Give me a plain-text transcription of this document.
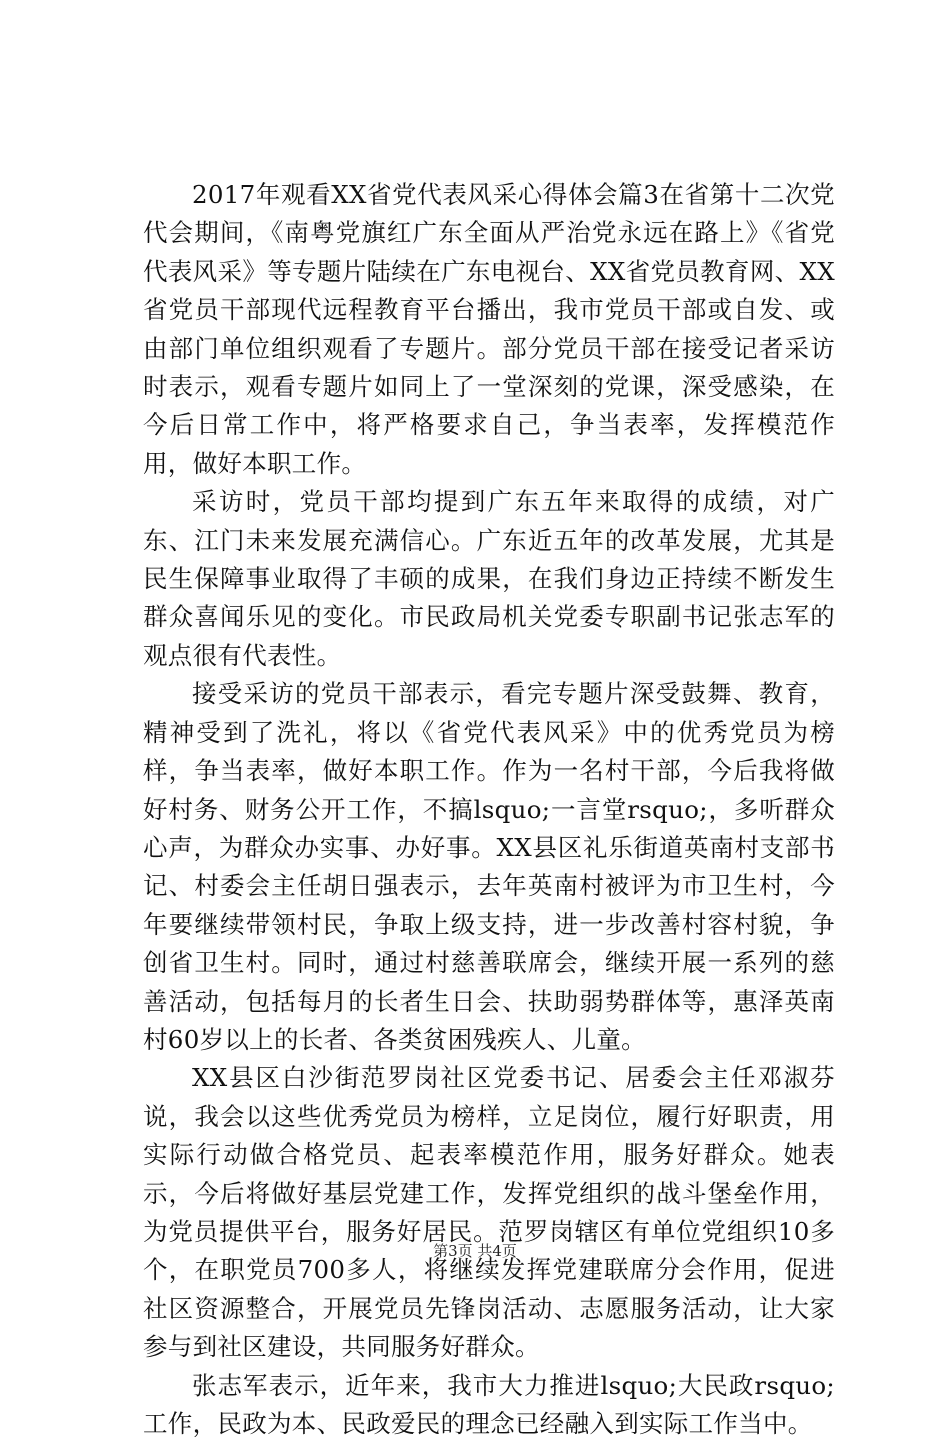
2017年观看XX省党代表风采心得体会篇3在省第十二次党代会期间，《南粤党旗红广东全面从严治党永远在路上》《省党代表风采》等专题片陆续在广东电视台、XX省党员教育网、XX省党员干部现代远程教育平台播出，我市党员干部或自发、或由部门单位组织观看了专题片。部分党员干部在接受记者采访时表示，观看专题片如同上了一堂深刻的党课，深受感染，在今后日常工作中，将严格要求自己，争当表率，发挥模范作用，做好本职工作。

采访时，党员干部均提到广东五年来取得的成绩，对广东、江门未来发展充满信心。广东近五年的改革发展，尤其是民生保障事业取得了丰硕的成果，在我们身边正持续不断发生群众喜闻乐见的变化。市民政局机关党委专职副书记张志军的观点很有代表性。

接受采访的党员干部表示，看完专题片深受鼓舞、教育，精神受到了洗礼，将以《省党代表风采》中的优秀党员为榜样，争当表率，做好本职工作。作为一名村干部，今后我将做好村务、财务公开工作，不搞lsquo;一言堂rsquo;，多听群众心声，为群众办实事、办好事。XX县区礼乐街道英南村支部书记、村委会主任胡日强表示，去年英南村被评为市卫生村，今年要继续带领村民，争取上级支持，进一步改善村容村貌，争创省卫生村。同时，通过村慈善联席会，继续开展一系列的慈善活动，包括每月的长者生日会、扶助弱势群体等，惠泽英南村60岁以上的长者、各类贫困残疾人、儿童。

XX县区白沙街范罗岗社区党委书记、居委会主任邓淑芬说，我会以这些优秀党员为榜样，立足岗位，履行好职责，用实际行动做合格党员、起表率模范作用，服务好群众。她表示，今后将做好基层党建工作，发挥党组织的战斗堡垒作用，为党员提供平台，服务好居民。范罗岗辖区有单位党组织10多个，在职党员700多人，将继续发挥党建联席分会作用，促进社区资源整合，开展党员先锋岗活动、志愿服务活动，让大家参与到社区建设，共同服务好群众。

张志军表示，近年来，我市大力推进lsquo;大民政rsquo;工作，民政为本、民政爱民的理念已经融入到实际工作当中。

第3页 共4页
